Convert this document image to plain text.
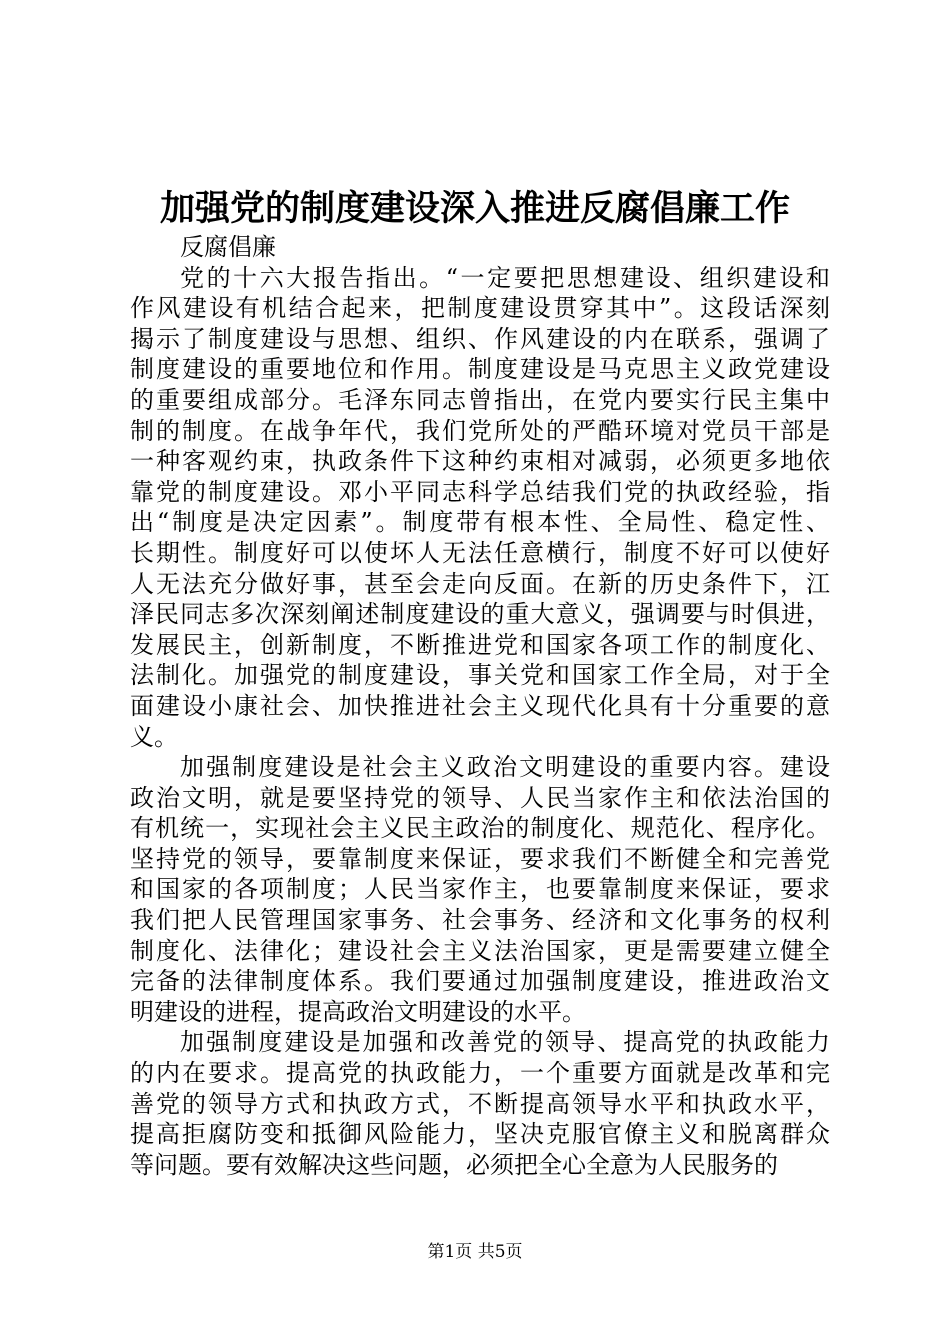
加强党的制度建设深入推进反腐倡廉工作
反腐倡廉
党的十六大报告指出。“一定要把思想建设、组织建设和
作风建设有机结合起来，把制度建设贯穿其中”。这段话深刻
揭示了制度建设与思想、组织、作风建设的内在联系，强调了
制度建设的重要地位和作用。制度建设是马克思主义政党建设
的重要组成部分。毛泽东同志曾指出，在党内要实行民主集中
制的制度。在战争年代，我们党所处的严酷环境对党员干部是
一种客观约束，执政条件下这种约束相对减弱，必须更多地依
靠党的制度建设。邓小平同志科学总结我们党的执政经验，指
出“制度是决定因素”。制度带有根本性、全局性、稳定性、
长期性。制度好可以使坏人无法任意横行，制度不好可以使好
人无法充分做好事，甚至会走向反面。在新的历史条件下，江
泽民同志多次深刻阐述制度建设的重大意义，强调要与时俱进，
发展民主，创新制度，不断推进党和国家各项工作的制度化、
法制化。加强党的制度建设，事关党和国家工作全局，对于全
面建设小康社会、加快推进社会主义现代化具有十分重要的意
义。
加强制度建设是社会主义政治文明建设的重要内容。建设
政治文明，就是要坚持党的领导、人民当家作主和依法治国的
有机统一，实现社会主义民主政治的制度化、规范化、程序化。
坚持党的领导，要靠制度来保证，要求我们不断健全和完善党
和国家的各项制度；人民当家作主，也要靠制度来保证，要求
我们把人民管理国家事务、社会事务、经济和文化事务的权利
制度化、法律化；建设社会主义法治国家，更是需要建立健全
完备的法律制度体系。我们要通过加强制度建设，推进政治文
明建设的进程，提高政治文明建设的水平。
加强制度建设是加强和改善党的领导、提高党的执政能力
的内在要求。提高党的执政能力，一个重要方面就是改革和完
善党的领导方式和执政方式，不断提高领导水平和执政水平，
提高拒腐防变和抵御风险能力，坚决克服官僚主义和脱离群众
等问题。要有效解决这些问题，必须把全心全意为人民服务的
第1页 共5页
